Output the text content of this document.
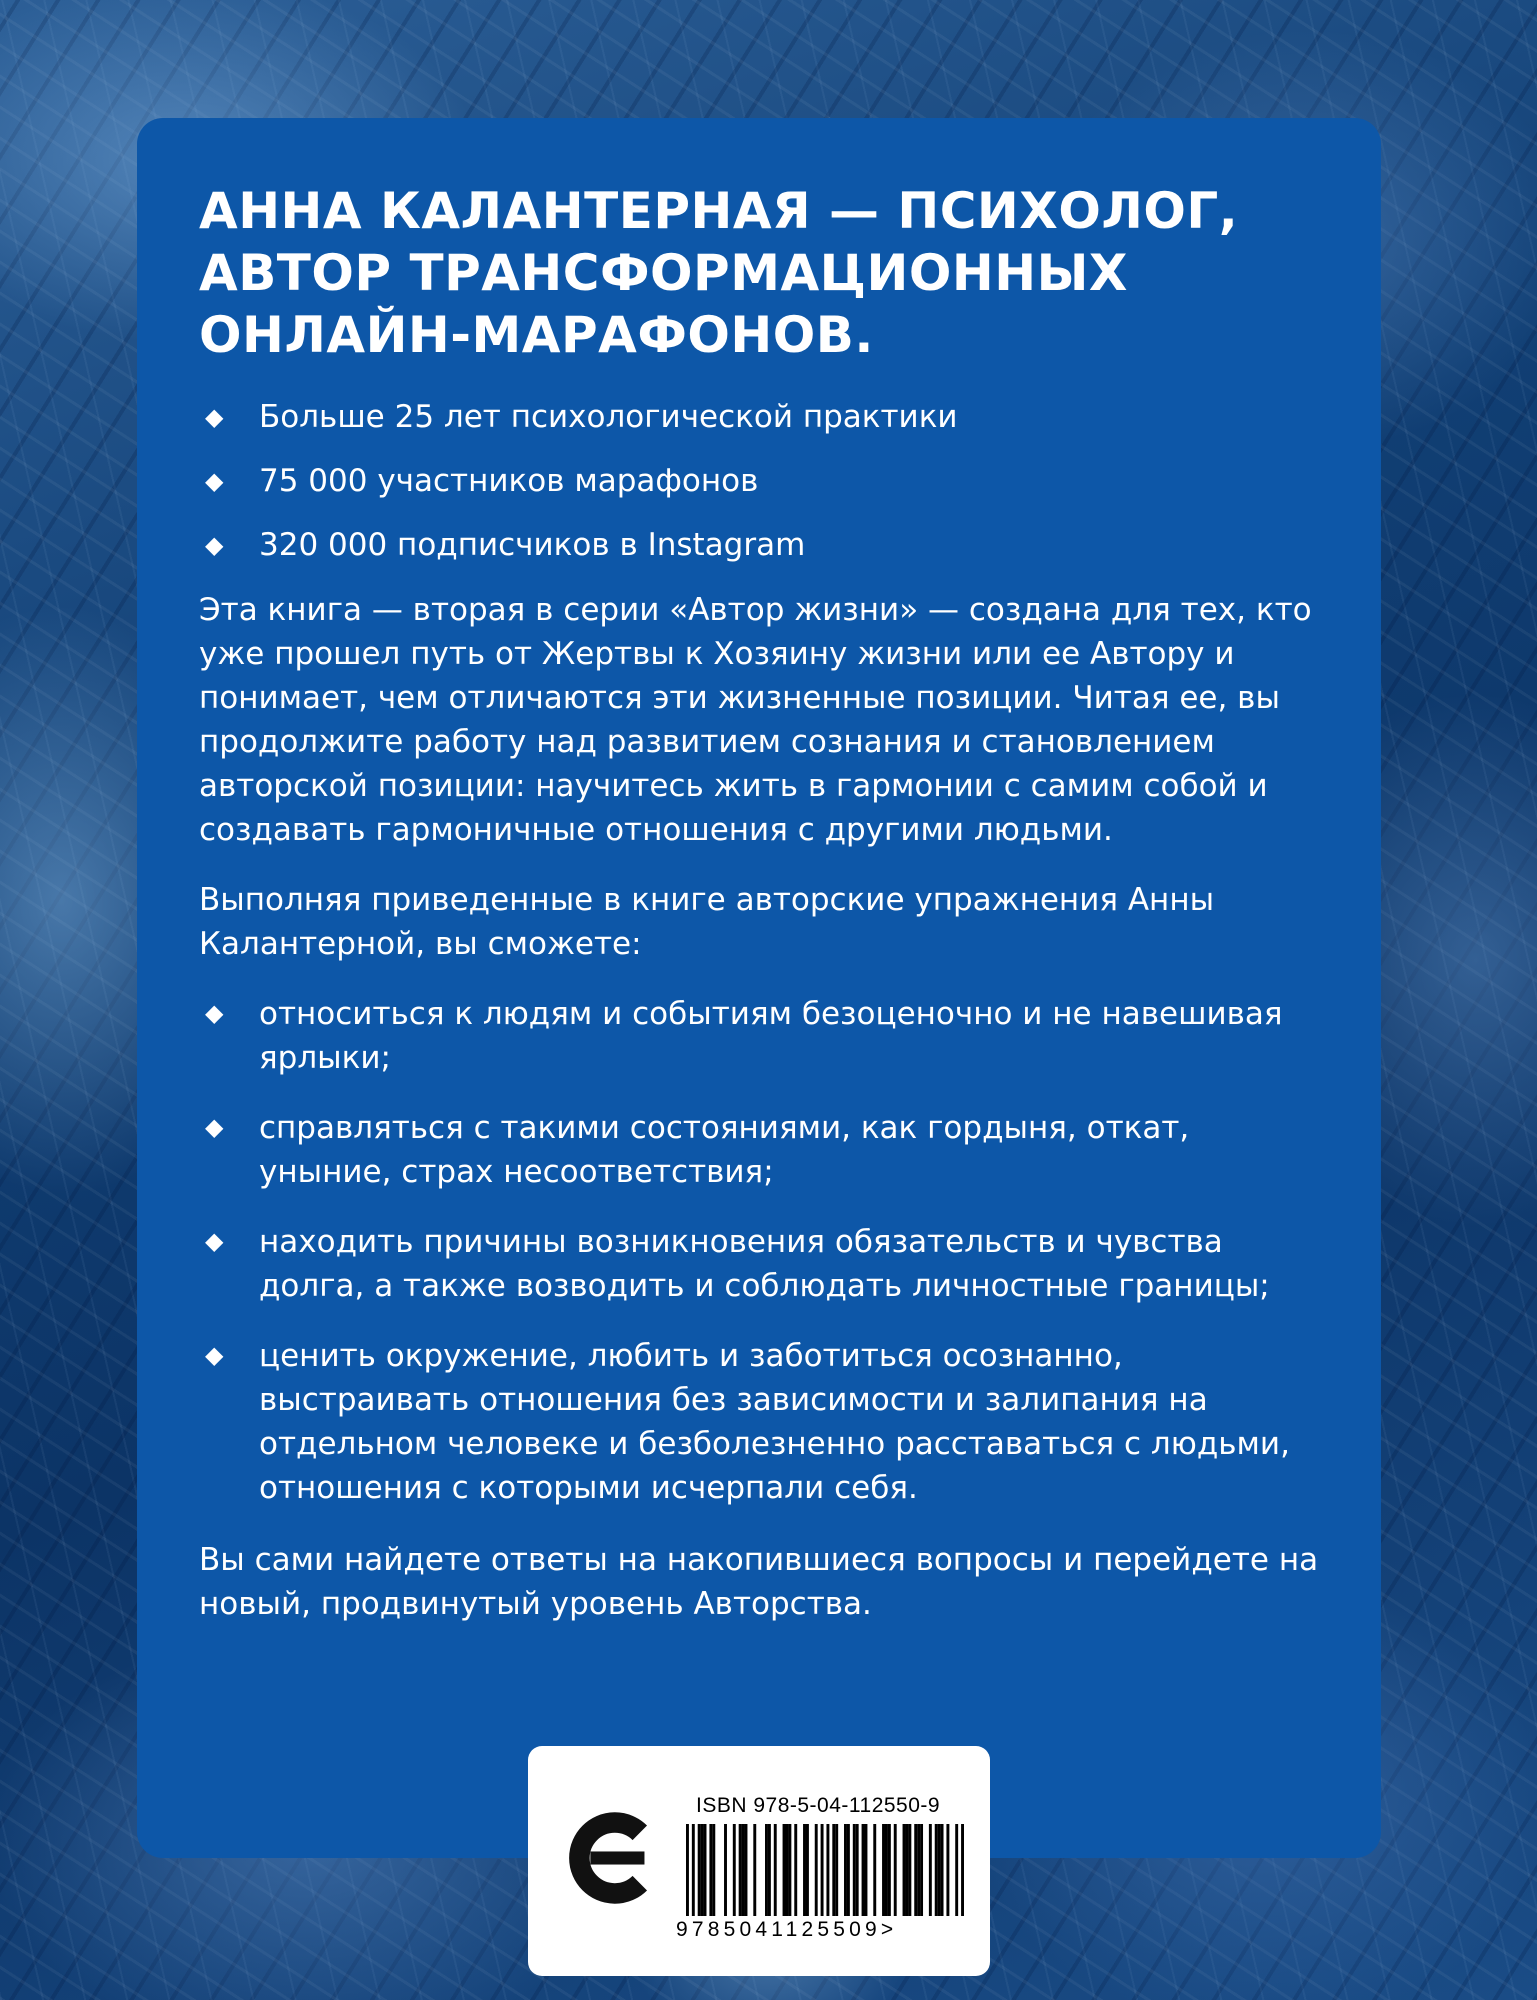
АННА КАЛАНТЕРНАЯ — ПСИХОЛОГ,
АВТОР ТРАНСФОРМАЦИОННЫХ
ОНЛАЙН-МАРАФОНОВ.
◆ Больше 25 лет психологической практики
◆ 75 000 участников марафонов
◆ 320 000 подписчиков в Instagram

Эта книга — вторая в серии «Автор жизни» — создана для тех, кто уже прошел путь от Жертвы к Хозяину жизни или ее Автору и понимает, чем отличаются эти жизненные позиции. Читая ее, вы продолжите работу над развитием сознания и становлением авторской позиции: научитесь жить в гармонии с самим собой и создавать гармоничные отношения с другими людьми.

Выполняя приведенные в книге авторские упражнения Анны Калантерной, вы сможете:

◆ относиться к людям и событиям безоценочно и не навешивая ярлыки;

◆ справляться с такими состояниями, как гордыня, откат, уныние, страх несоответствия;

◆ находить причины возникновения обязательств и чувства долга, а также возводить и соблюдать личностные границы;

◆ ценить окружение, любить и заботиться осознанно, выстраивать отношения без зависимости и залипания на отдельном человеке и безболезненно расставаться с людьми, отношения с которыми исчерпали себя.

Вы сами найдете ответы на накопившиеся вопросы и перейдете на новый, продвинутый уровень Авторства.

ISBN 978-5-04-112550-9
9785041125509>
